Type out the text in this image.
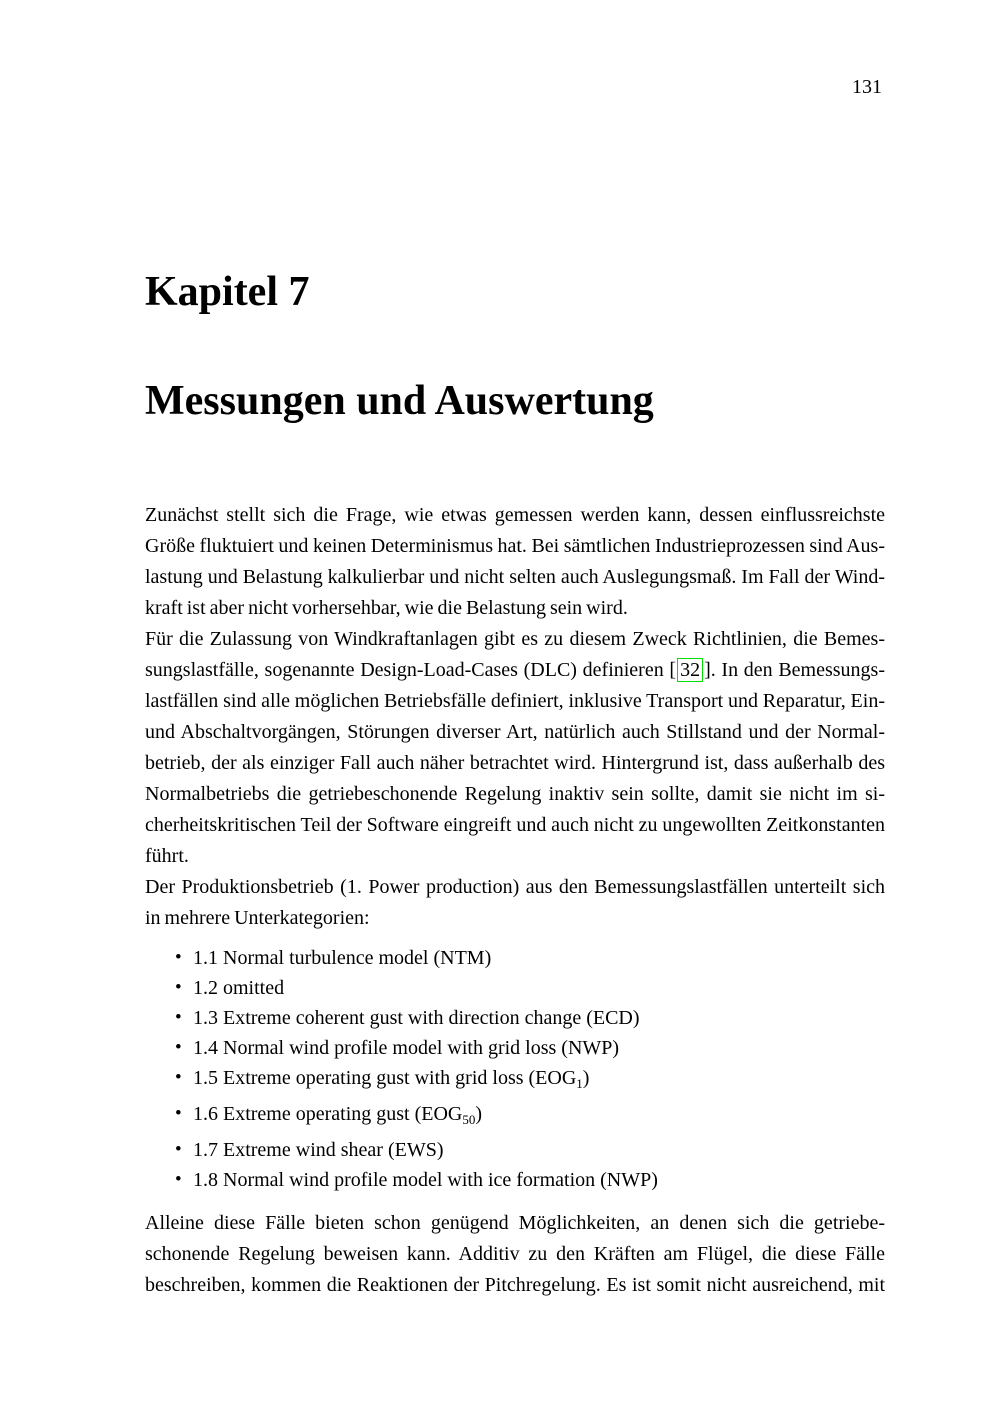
131
Kapitel 7
Messungen und Auswertung
Zunächst stellt sich die Frage, wie etwas gemessen werden kann, dessen einflussreichste
Größe fluktuiert und keinen Determinismus hat. Bei sämtlichen Industrieprozessen sind Aus-
lastung und Belastung kalkulierbar und nicht selten auch Auslegungsmaß. Im Fall der Wind-
kraft ist aber nicht vorhersehbar, wie die Belastung sein wird.
Für die Zulassung von Windkraftanlagen gibt es zu diesem Zweck Richtlinien, die Bemes-
sungslastfälle, sogenannte Design-Load-Cases (DLC) definieren [ 32 ]. In den Bemessungs-
lastfällen sind alle möglichen Betriebsfälle definiert, inklusive Transport und Reparatur, Ein-
und Abschaltvorgängen, Störungen diverser Art, natürlich auch Stillstand und der Normal-
betrieb, der als einziger Fall auch näher betrachtet wird. Hintergrund ist, dass außerhalb des
Normalbetriebs die getriebeschonende Regelung inaktiv sein sollte, damit sie nicht im si-
cherheitskritischen Teil der Software eingreift und auch nicht zu ungewollten Zeitkonstanten
führt.
Der Produktionsbetrieb (1. Power production) aus den Bemessungslastfällen unterteilt sich
in mehrere Unterkategorien:
• 1.1 Normal turbulence model (NTM)
• 1.2 omitted
• 1.3 Extreme coherent gust with direction change (ECD)
• 1.4 Normal wind profile model with grid loss (NWP)
• 1.5 Extreme operating gust with grid loss $(EOG_1)$
• 1.6 Extreme operating gust $(EOG_{50})$
• 1.7 Extreme wind shear (EWS)
• 1.8 Normal wind profile model with ice formation (NWP)
Alleine diese Fälle bieten schon genügend Möglichkeiten, an denen sich die getriebe-
schonende Regelung beweisen kann. Additiv zu den Kräften am Flügel, die diese Fälle
beschreiben, kommen die Reaktionen der Pitchregelung. Es ist somit nicht ausreichend, mit
